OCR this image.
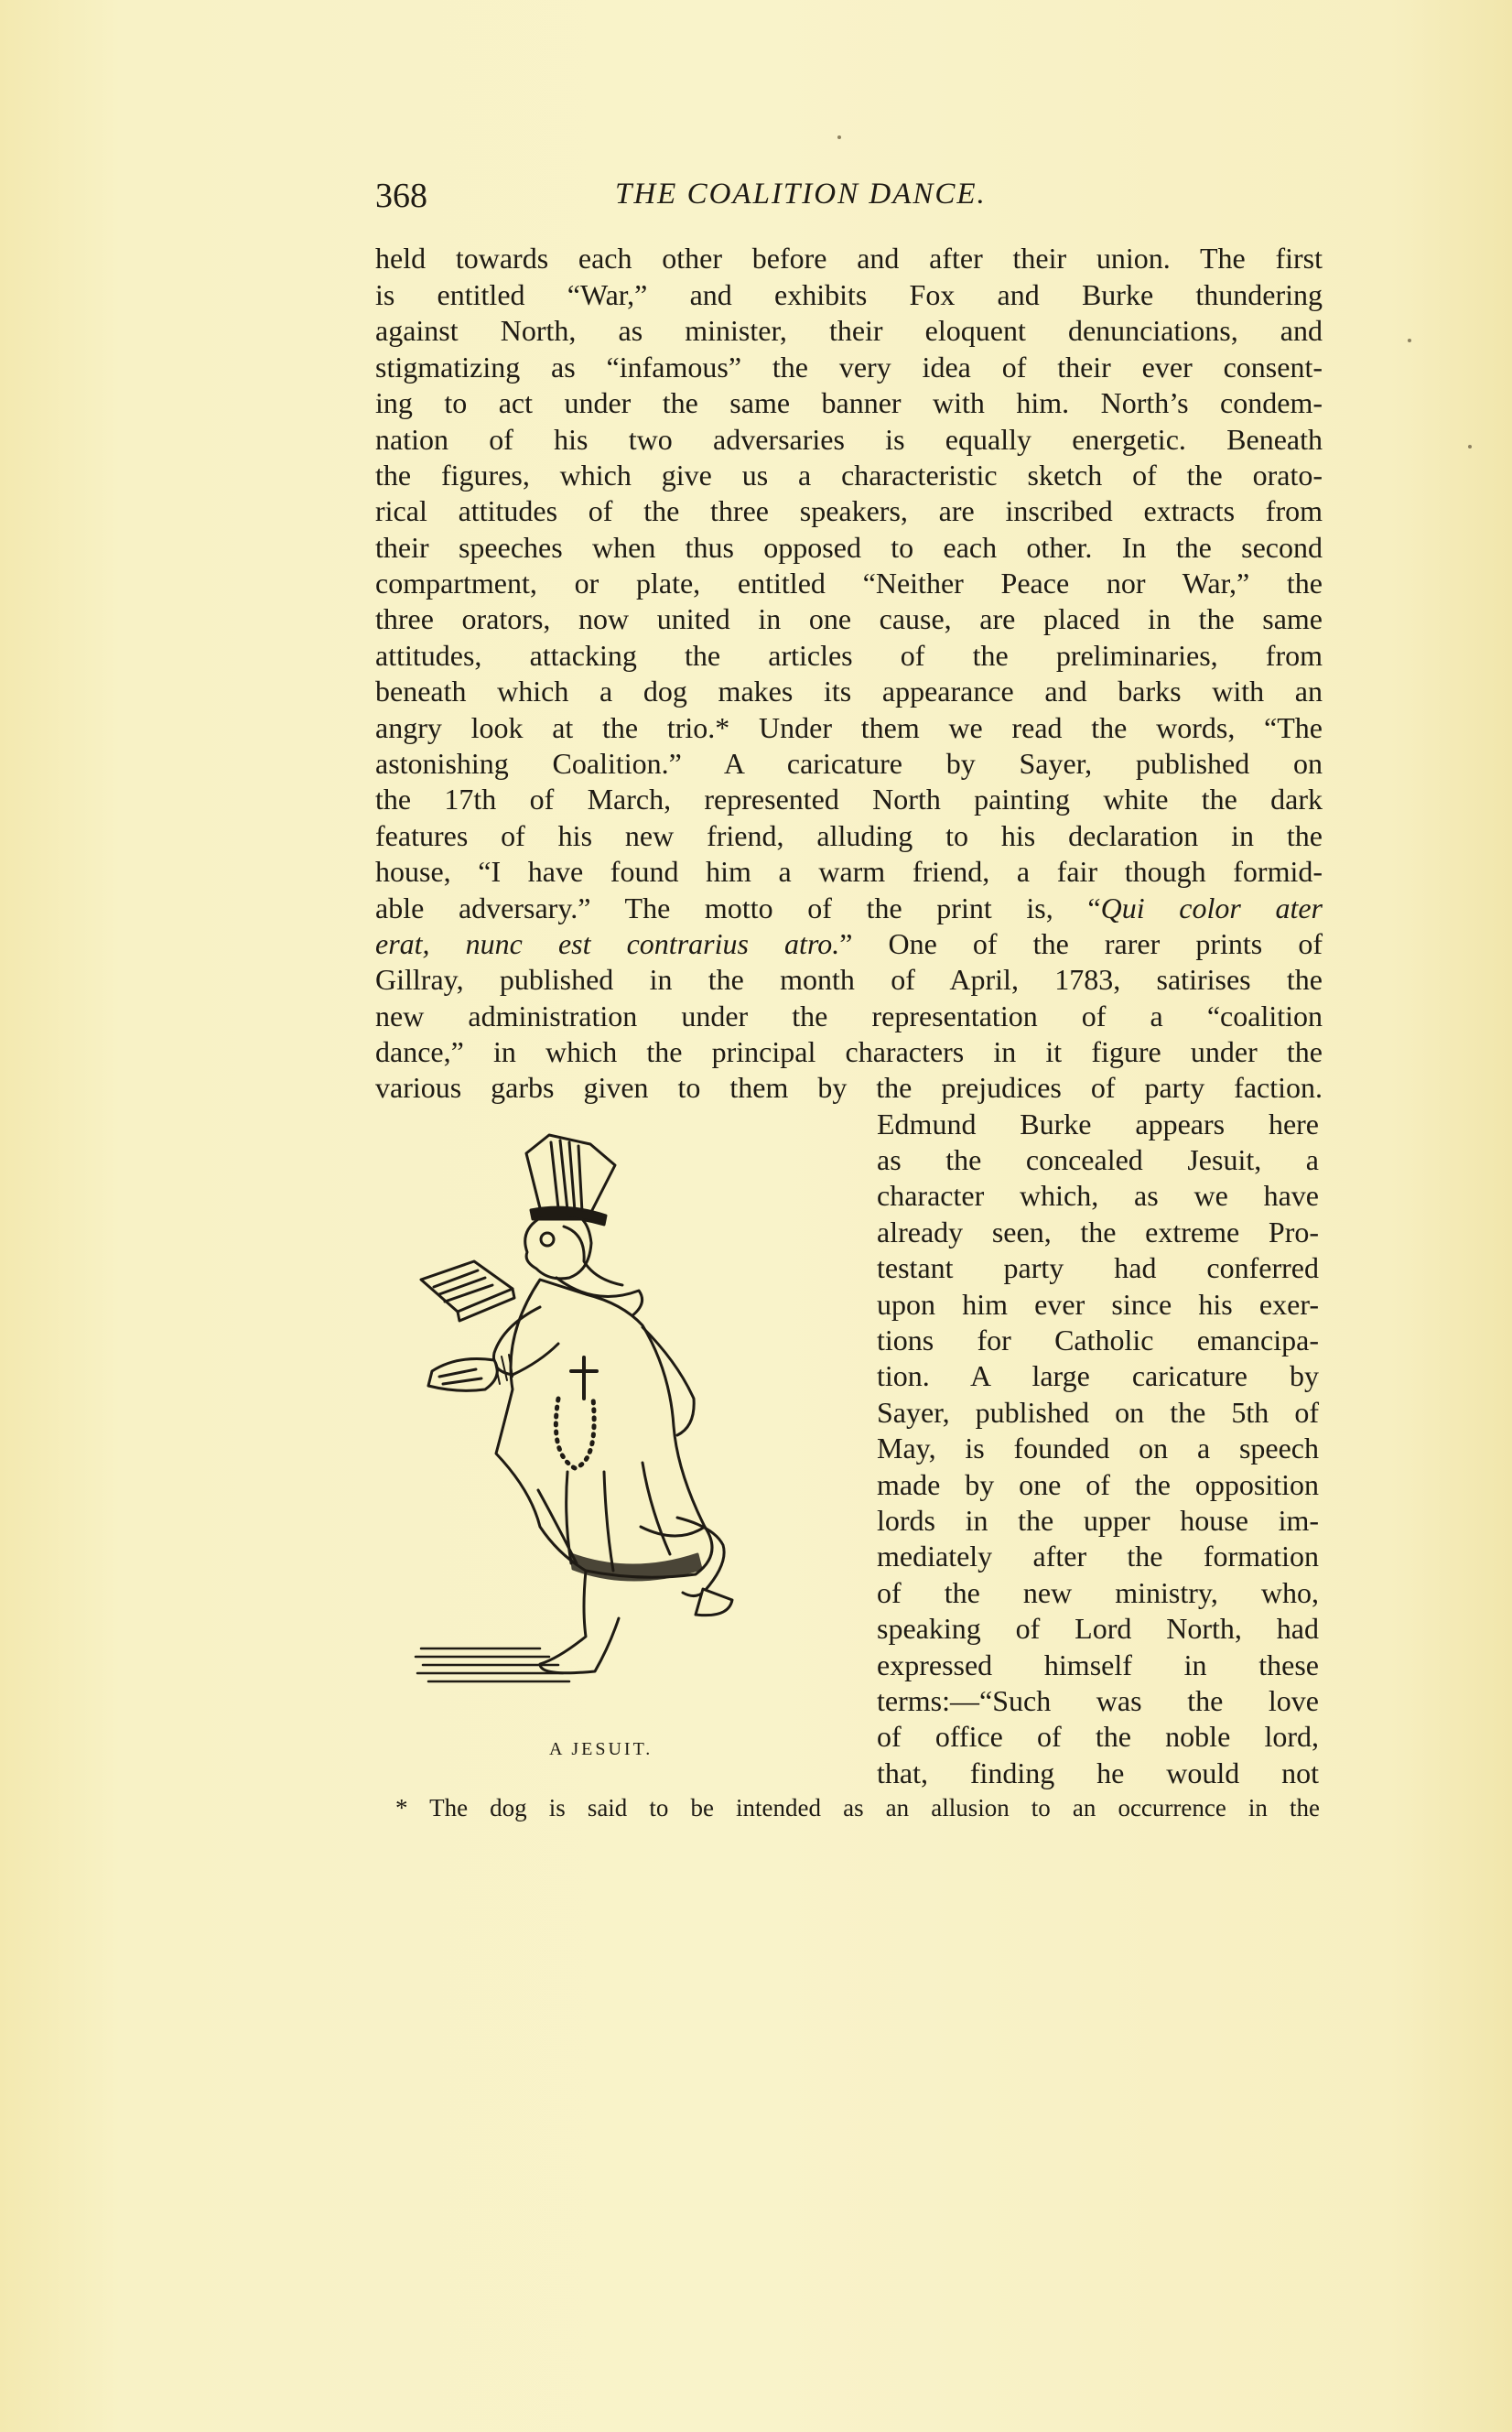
368	THE COALITION DANCE.
held towards each other before and after their union. The first
is entitled “War,” and exhibits Fox and Burke thundering
against North, as minister, their eloquent denunciations, and
stigmatizing as “infamous” the very idea of their ever consent-
ing to act under the same banner with him. North’s condem-
nation of his two adversaries is equally energetic. Beneath
the figures, which give us a characteristic sketch of the orato-
rical attitudes of the three speakers, are inscribed extracts from
their speeches when thus opposed to each other. In the second
compartment, or plate, entitled “Neither Peace nor War,” the
three orators, now united in one cause, are placed in the same
attitudes, attacking the articles of the preliminaries, from
beneath which a dog makes its appearance and barks with an
angry look at the trio.* Under them we read the words, “The
astonishing Coalition.” A caricature by Sayer, published on
the 17th of March, represented North painting white the dark
features of his new friend, alluding to his declaration in the
house, “I have found him a warm friend, a fair though formid-
able adversary.” The motto of the print is, “Qui color ater
erat, nunc est contrarius atro.” One of the rarer prints of
Gillray, published in the month of April, 1783, satirises the
new administration under the representation of a “coalition
dance,” in which the principal characters in it figure under the
various garbs given to them by the prejudices of party faction.
Edmund Burke appears here
as the concealed Jesuit, a
character which, as we have
already seen, the extreme Pro-
testant party had conferred
upon him ever since his exer-
tions for Catholic emancipa-
tion. A large caricature by
Sayer, published on the 5th of
May, is founded on a speech
made by one of the opposition
lords in the upper house im-
mediately after the formation
of the new ministry, who,
speaking of Lord North, had
expressed himself in these
terms:—“Such was the love
of office of the noble lord,
that, finding he would not
A JESUIT.
* The dog is said to be intended as an allusion to an occurrence in the
